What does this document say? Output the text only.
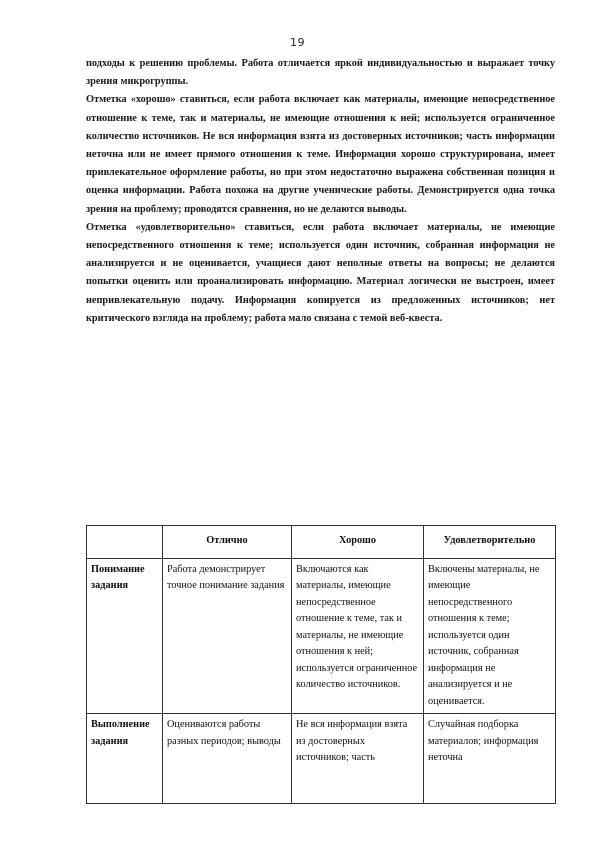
19

подходы к решению проблемы. Работа отличается яркой индивидуальностью и выражает точку зрения микрогруппы.

Отметка «хорошо» ставиться, если работа включает как материалы, имеющие непосредственное отношение к теме, так и материалы, не имеющие отношения к ней; используется ограниченное количество источников. Не вся информация взята из достоверных источников; часть информации неточна или не имеет прямого отношения к теме. Информация хорошо структурирована, имеет привлекательное оформление работы, но при этом недостаточно выражена собственная позиция и оценка информации. Работа похожа на другие ученические работы. Демонстрируется одна точка зрения на проблему; проводятся сравнения, но не делаются выводы.

Отметка «удовлетворительно» ставиться, если работа включает материалы, не имеющие непосредственного отношения к теме; используется один источник, собранная информация не анализируется и не оценивается, учащиеся дают неполные ответы на вопросы; не делаются попытки оценить или проанализировать информацию. Материал логически не выстроен, имеет непривлекательную подачу. Информация копируется из предложенных источников; нет критического взгляда на проблему; работа мало связана с темой веб-квеста.

	Отлично	Хорошо	Удовлетворительно
Понимание задания	Работа демонстрирует точное понимание задания	Включаются как материалы, имеющие непосредственное отношение к теме, так и материалы, не имеющие отношения к ней; используется ограниченное количество источников.	Включены материалы, не имеющие непосредственного отношения к теме; используется один источник, собранная информация не анализируется и не оценивается.

Выполнение задания	Оцениваются работы разных периодов; выводы	Не вся информация взята из достоверных источников; часть	Случайная подборка материалов; информация неточна
